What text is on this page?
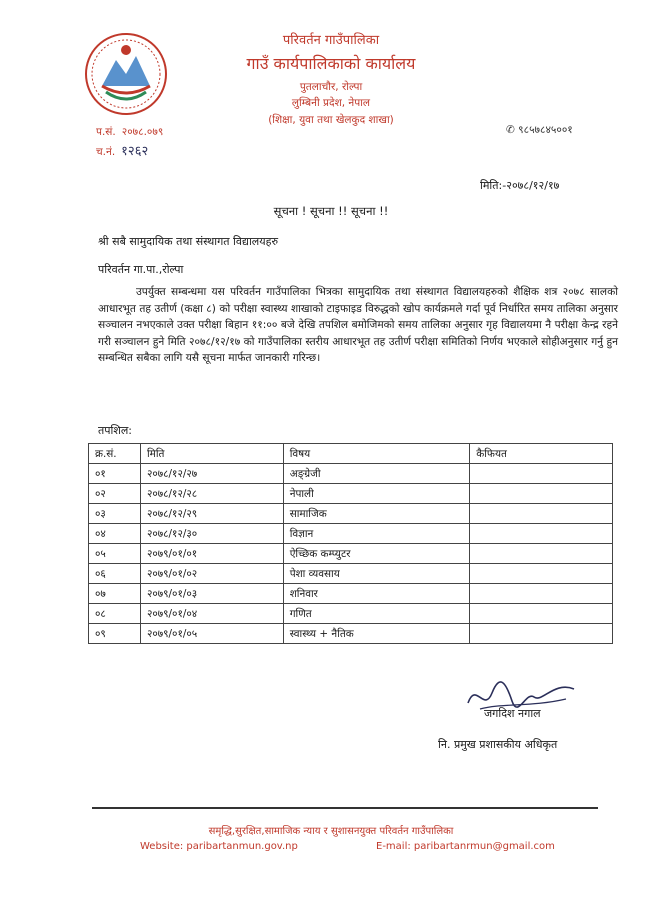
परिवर्तन गाउँपालिका
गाउँ कार्यपालिकाको कार्यालय
पुतलाचौर, रोल्पा
लुम्बिनी प्रदेश, नेपाल
(शिक्षा, युवा तथा खेलकुद शाखा)
प.सं. २०७८.०७९
च.नं. १२६२
✆ ९८५७८४५००१
मिति:-२०७८/१२/१७
सूचना ! सूचना !! सूचना !!
श्री सबै सामुदायिक तथा संस्थागत विद्यालयहरु
परिवर्तन गा.पा.,रोल्पा
उपर्युक्त सम्बन्धमा यस परिवर्तन गाउँपालिका भित्रका सामुदायिक तथा संस्थागत विद्यालयहरुको शैक्षिक शत्र २०७८ सालको आधारभूत तह उतीर्ण (कक्षा ८) को परीक्षा स्वास्थ्य शाखाको टाइफाइड विरुद्धको खोप कार्यक्रमले गर्दा पूर्व निर्धारित समय तालिका अनुसार सञ्चालन नभएकाले उक्त परीक्षा बिहान ११:०० बजे देखि तपशिल बमोजिमको समय तालिका अनुसार गृह विद्यालयमा नै परीक्षा केन्द्र रहने गरी सञ्चालन हुने मिति २०७८/१२/१७ को गाउँपालिका स्तरीय आधारभूत तह उतीर्ण परीक्षा समितिको निर्णय भएकाले सोहीअनुसार गर्नु हुन सम्बन्धित सबैका लागि यसै सूचना मार्फत जानकारी गरिन्छ।
तपशिल:
क्र.सं.	मिति	विषय	कैफियत
०१	२०७८/१२/२७	अङ्ग्रेजी	
०२	२०७८/१२/२८	नेपाली	
०३	२०७८/१२/२९	सामाजिक	
०४	२०७८/१२/३०	विज्ञान	
०५	२०७९/०१/०१	ऐच्छिक कम्प्युटर	
०६	२०७९/०१/०२	पेशा व्यवसाय	
०७	२०७९/०१/०३	शनिवार	
०८	२०७९/०१/०४	गणित	
०९	२०७९/०१/०५	स्वास्थ्य + नैतिक	
जगदिश नगाल
नि. प्रमुख प्रशासकीय अधिकृत
समृद्धि,सुरक्षित,सामाजिक न्याय र सुशासनयुक्त परिवर्तन गाउँपालिका
Website: paribartanmun.gov.np	E-mail: paribartanrmun@gmail.com
